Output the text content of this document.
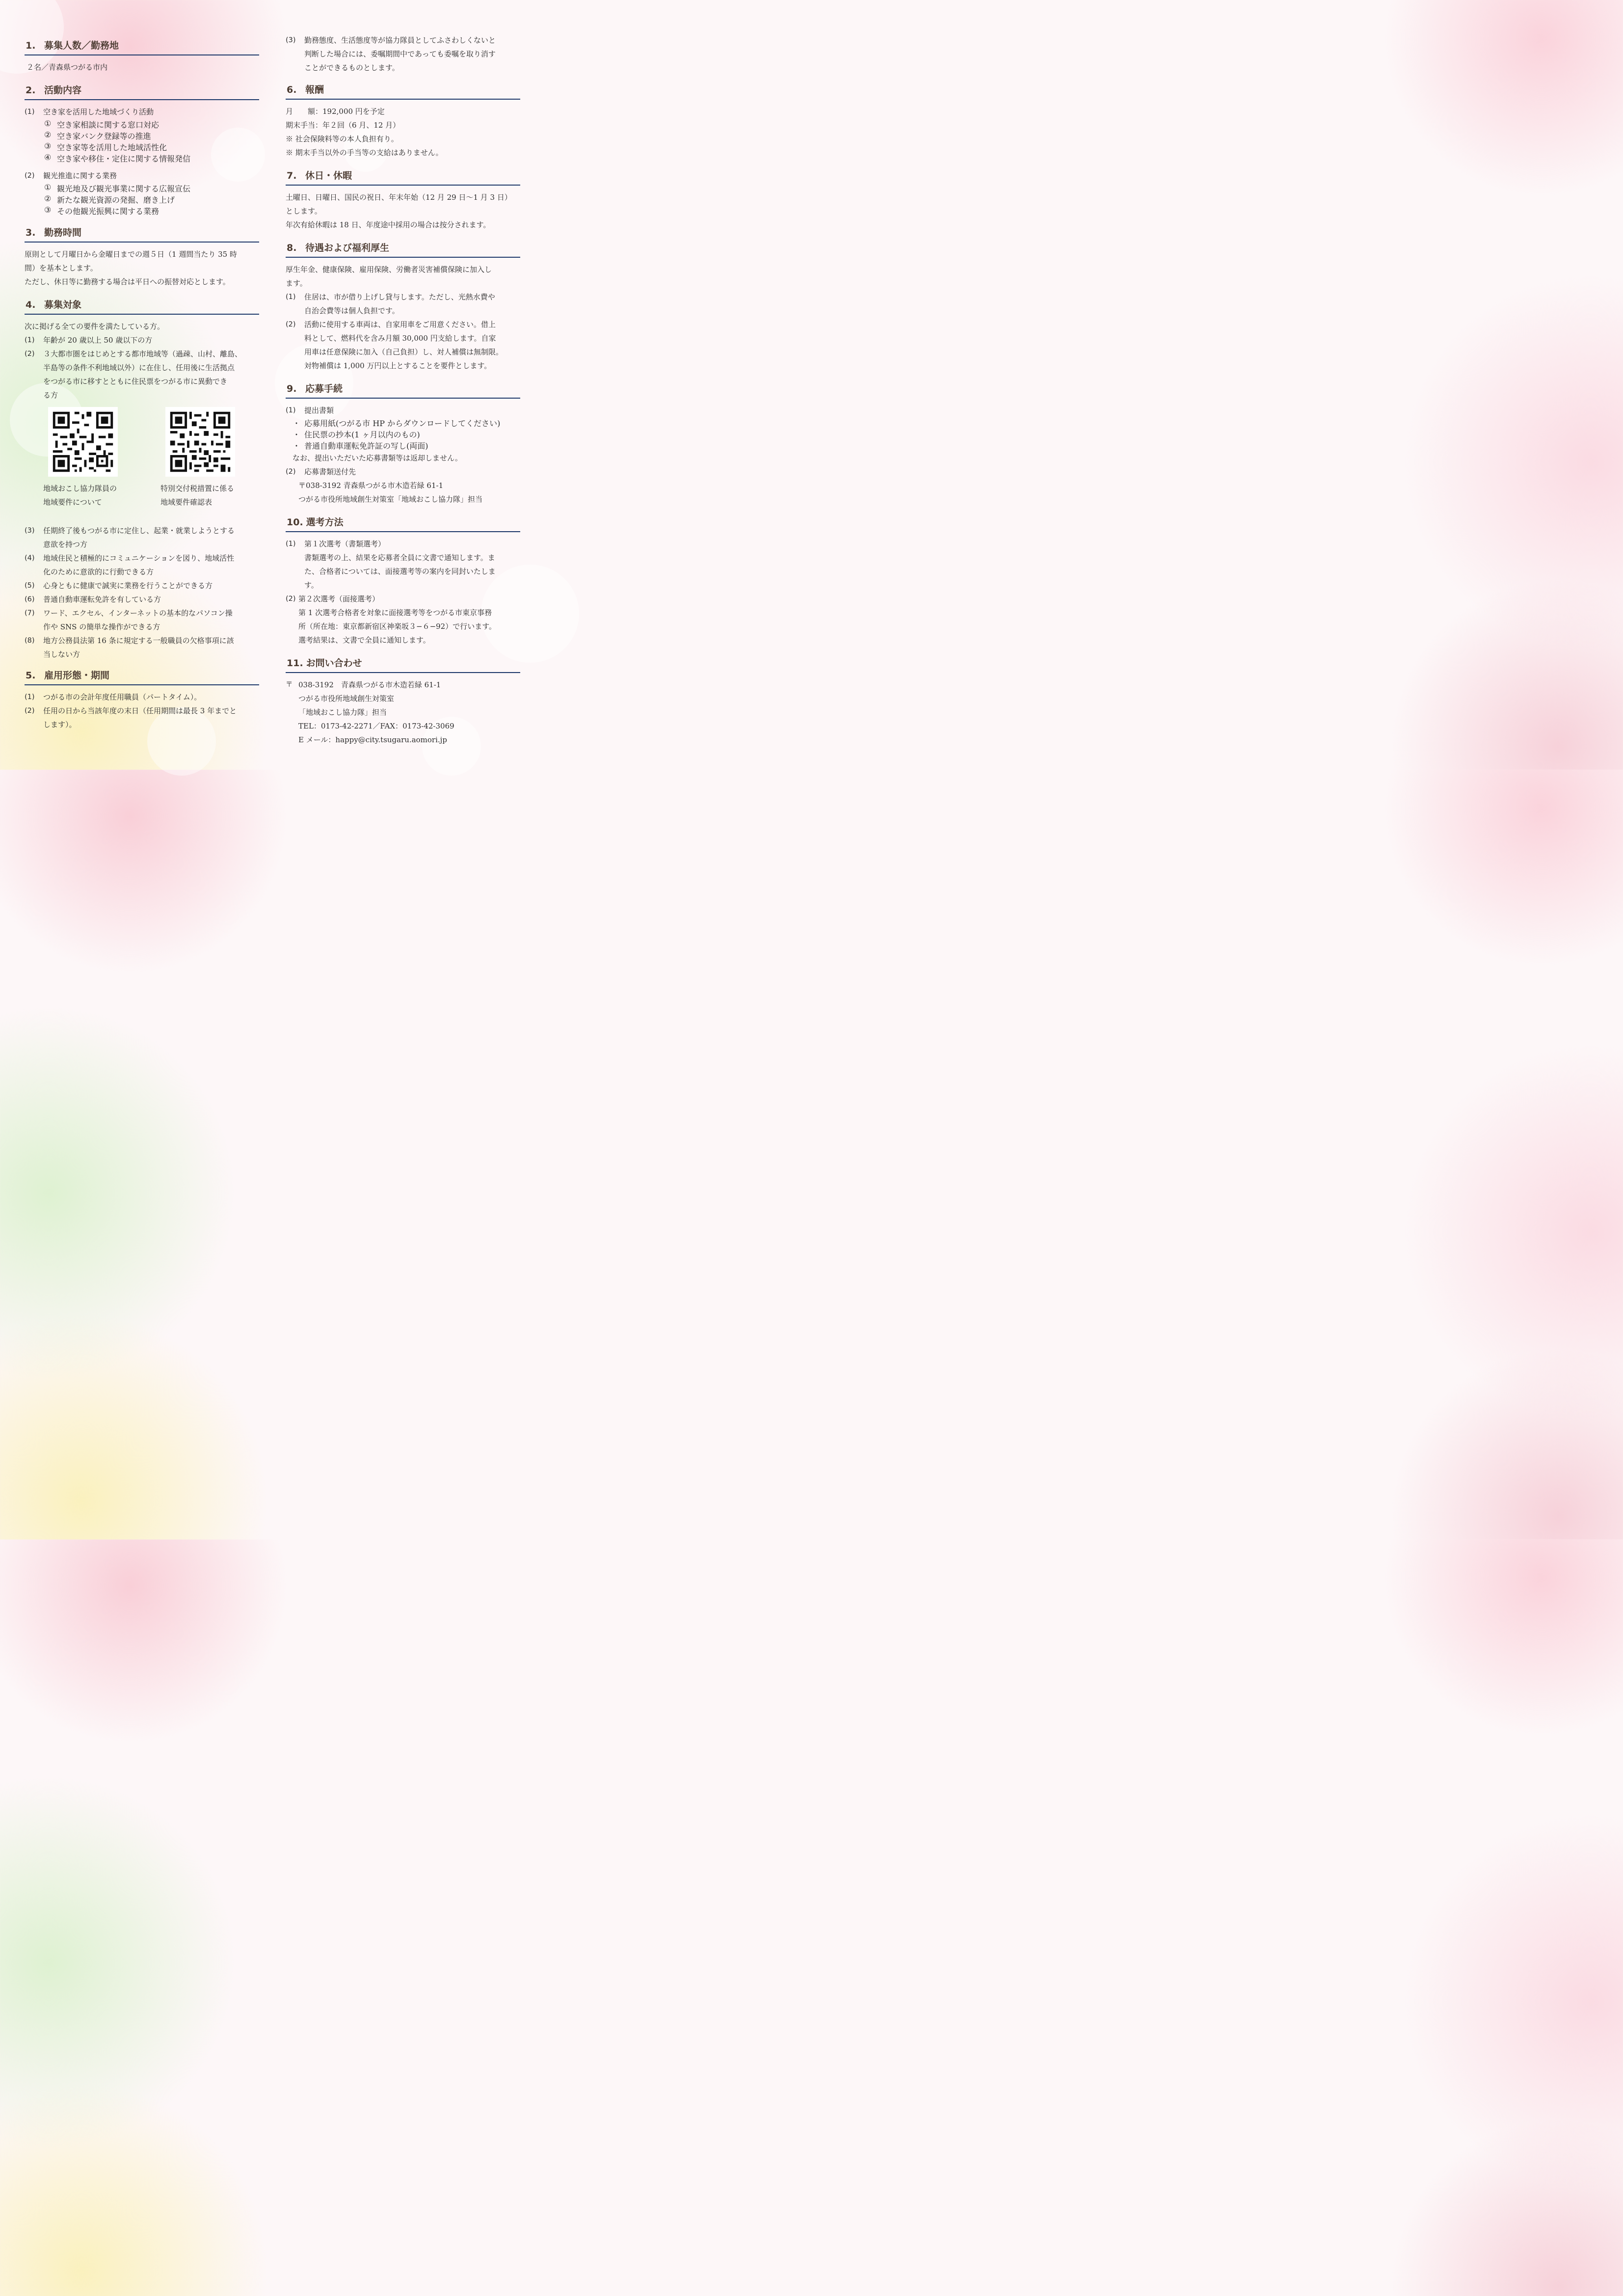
1. 募集人数／勤務地

２名／青森県つがる市内

2. 活動内容
(1)	空き家を活用した地域づくり活動
① 空き家相談に関する窓口対応
② 空き家バンク登録等の推進
③ 空き家等を活用した地域活性化
④ 空き家や移住・定住に関する情報発信
(2)	観光推進に関する業務
① 観光地及び観光事業に関する広報宣伝
② 新たな観光資源の発掘、磨き上げ
③ その他観光振興に関する業務
3. 勤務時間

原則として月曜日から金曜日までの週５日（1 週間当たり 35 時

間）を基本とします。

ただし、休日等に勤務する場合は平日への振替対応とします。

4. 募集対象

次に掲げる全ての要件を満たしている方。

(1)	年齢が 20 歳以上 50 歳以下の方
(2)	３大都市圏をはじめとする都市地域等（過疎、山村、離島、
半島等の条件不利地域以外）に在住し、任用後に生活拠点
をつがる市に移すとともに住民票をつがる市に異動でき
る方
地域おこし協力隊員の
地域要件について
特別交付税措置に係る
地域要件確認表
(3)	任期終了後もつがる市に定住し、起業・就業しようとする
意欲を持つ方
(4)	地域住民と積極的にコミュニケーションを図り、地域活性
化のために意欲的に行動できる方
(5)	心身ともに健康で誠実に業務を行うことができる方
(6)	普通自動車運転免許を有している方
(7)	ワード、エクセル、インターネットの基本的なパソコン操
作や SNS の簡単な操作ができる方
(8)	地方公務員法第 16 条に規定する一般職員の欠格事項に該
当しない方
5. 雇用形態・期間
(1)	つがる市の会計年度任用職員（パートタイム）。
(2)	任用の日から当該年度の末日（任用期間は最長 3 年までと
します）。
(3)	勤務態度、生活態度等が協力隊員としてふさわしくないと
判断した場合には、委嘱期間中であっても委嘱を取り消す
ことができるものとします。
6. 報酬

月　　額：192,000 円を予定

期末手当：年２回（6 月、12 月）

※ 社会保険料等の本人負担有り。

※ 期末手当以外の手当等の支給はありません。

7. 休日・休暇

土曜日、日曜日、国民の祝日、年末年始（12 月 29 日～1 月 3 日）

とします。

年次有給休暇は 18 日、年度途中採用の場合は按分されます。

8. 待遇および福利厚生

厚生年金、健康保険、雇用保険、労働者災害補償保険に加入し

ます。

(1)	住居は、市が借り上げし貸与します。ただし、光熱水費や
自治会費等は個人負担です。
(2)	活動に使用する車両は、自家用車をご用意ください。借上
料として、燃料代を含み月額 30,000 円支給します。自家
用車は任意保険に加入（自己負担）し、対人補償は無制限。
対物補償は 1,000 万円以上とすることを要件とします。
9. 応募手続
(1)	提出書類
・ 応募用紙(つがる市 HP からダウンロードしてください)
・ 住民票の抄本(1 ヶ月以内のもの)
・ 普通自動車運転免許証の写し(両面)

なお、提出いただいた応募書類等は返却しません。

(2)	応募書類送付先

〒038-3192 青森県つがる市木造若緑 61-1

つがる市役所地域創生対策室「地域おこし協力隊」担当

10. 選考方法
(1)	第１次選考（書類選考）
書類選考の上、結果を応募者全員に文書で通知します。ま
た、合格者については、面接選考等の案内を同封いたしま
す。
(2) 第２次選考（面接選考）
第 1 次選考合格者を対象に面接選考等をつがる市東京事務
所（所在地：東京都新宿区神楽坂３−６−92）で行います。
選考結果は、文書で全員に通知します。
11. お問い合わせ
〒 038-3192　青森県つがる市木造若緑 61-1
つがる市役所地域創生対策室
「地域おこし協力隊」担当
TEL：0173-42-2271／FAX：0173-42-3069
E メール：happy@city.tsugaru.aomori.jp
